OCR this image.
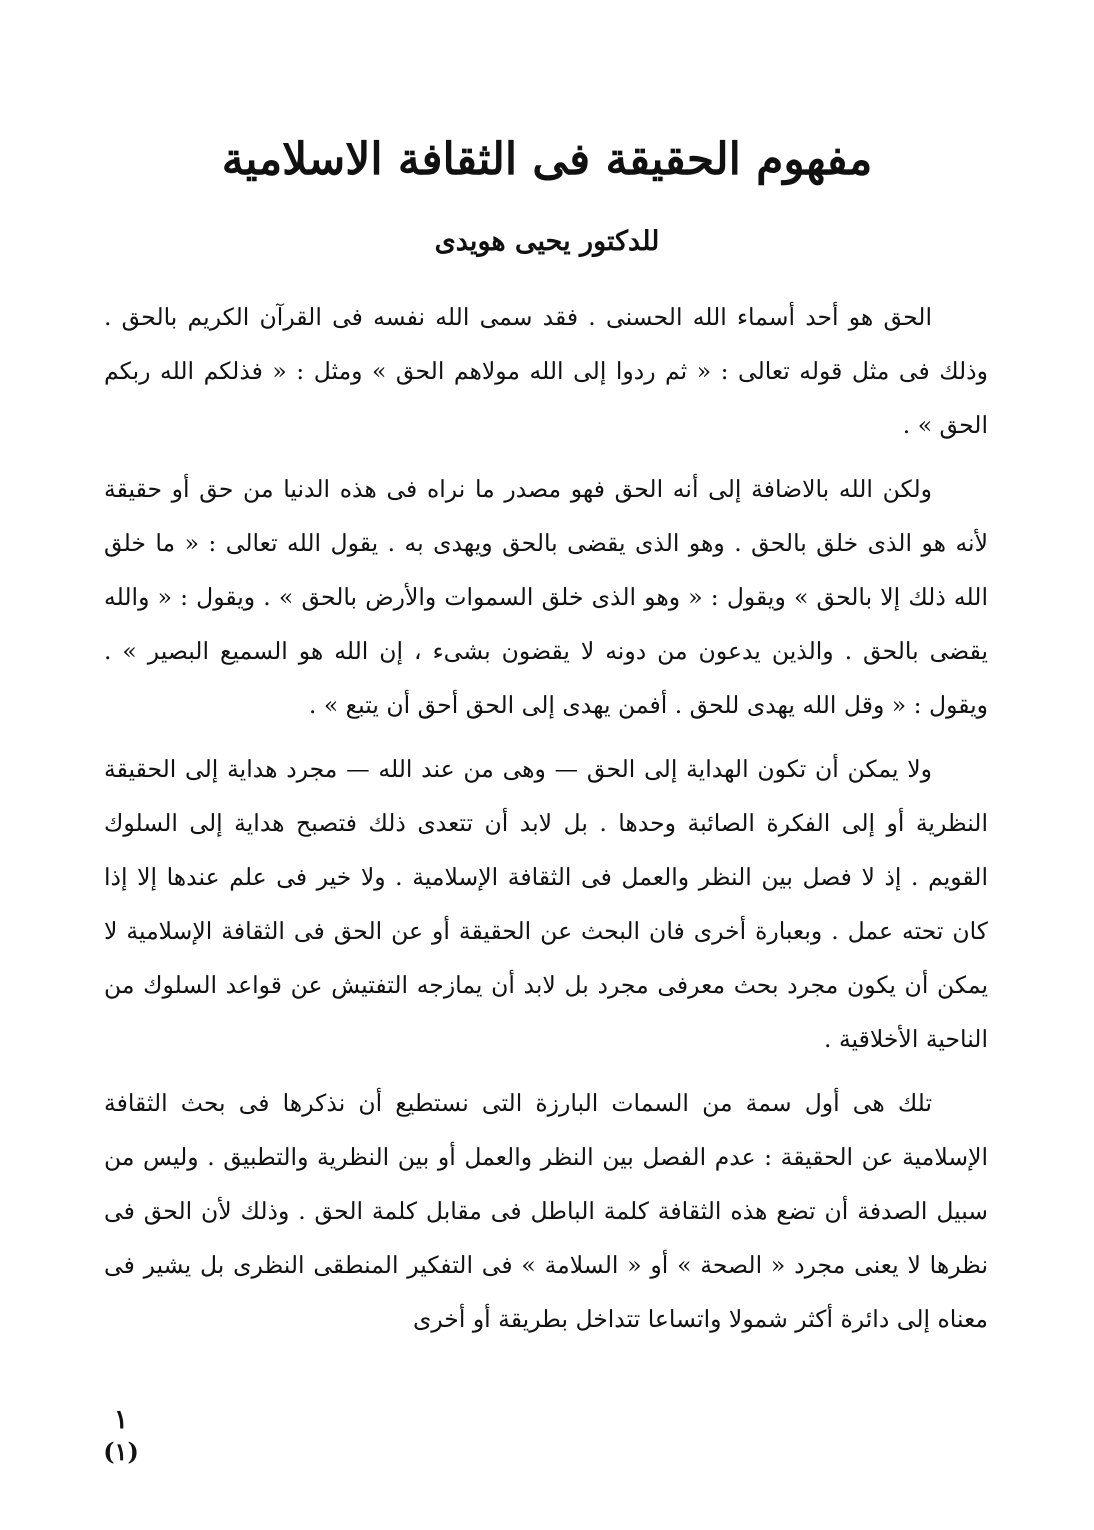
مفهوم الحقيقة فى الثقافة الاسلامية
للدكتور يحيى هويدى

الحق هو أحد أسماء الله الحسنى . فقد سمى الله نفسه فى القرآن الكريم بالحق . وذلك فى مثل قوله تعالى : « ثم ردوا إلى الله مولاهم الحق » ومثل : « فذلكم الله ربكم الحق » .

ولكن الله بالاضافة إلى أنه الحق فهو مصدر ما نراه فى هذه الدنيا من حق أو حقيقة لأنه هو الذى خلق بالحق . وهو الذى يقضى بالحق ويهدى به . يقول الله تعالى : « ما خلق الله ذلك إلا بالحق » ويقول : « وهو الذى خلق السموات والأرض بالحق » . ويقول : « والله يقضى بالحق . والذين يدعون من دونه لا يقضون بشىء ، إن الله هو السميع البصير » . ويقول : « وقل الله يهدى للحق . أفمن يهدى إلى الحق أحق أن يتبع » .

ولا يمكن أن تكون الهداية إلى الحق — وهى من عند الله — مجرد هداية إلى الحقيقة النظرية أو إلى الفكرة الصائبة وحدها . بل لابد أن تتعدى ذلك فتصبح هداية إلى السلوك القويم . إذ لا فصل بين النظر والعمل فى الثقافة الإسلامية . ولا خير فى علم عندها إلا إذا كان تحته عمل . وبعبارة أخرى فان البحث عن الحقيقة أو عن الحق فى الثقافة الإسلامية لا يمكن أن يكون مجرد بحث معرفى مجرد بل لابد أن يمازجه التفتيش عن قواعد السلوك من الناحية الأخلاقية .

تلك هى أول سمة من السمات البارزة التى نستطيع أن نذكرها فى بحث الثقافة الإسلامية عن الحقيقة : عدم الفصل بين النظر والعمل أو بين النظرية والتطبيق . وليس من سبيل الصدفة أن تضع هذه الثقافة كلمة الباطل فى مقابل كلمة الحق . وذلك لأن الحق فى نظرها لا يعنى مجرد « الصحة » أو « السلامة » فى التفكير المنطقى النظرى بل يشير فى معناه إلى دائرة أكثر شمولا واتساعا تتداخل بطريقة أو أخرى

١
(١)
